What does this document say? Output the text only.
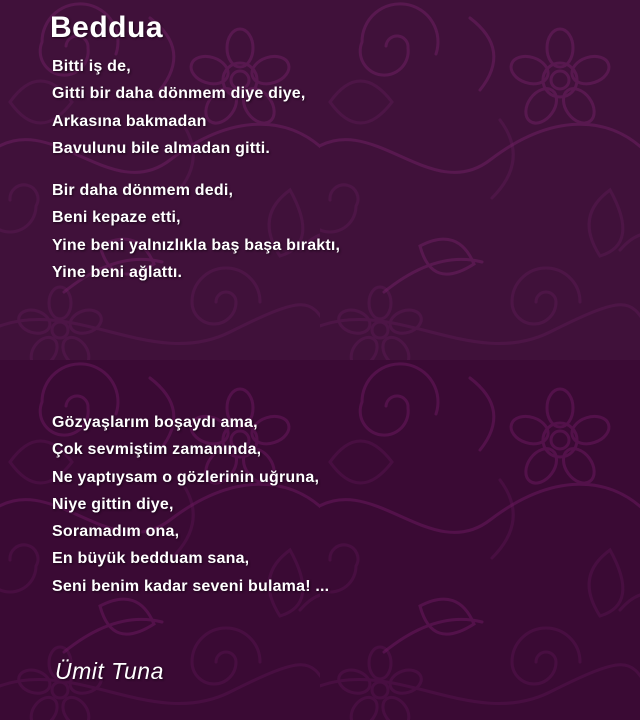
Beddua
Bitti iş de,
Gitti bir daha dönmem diye diye,
Arkasına bakmadan
Bavulunu bile almadan gitti.
Bir daha dönmem dedi,
Beni kepaze etti,
Yine beni yalnızlıkla baş başa bıraktı,
Yine beni ağlattı.
Gözyaşlarım boşaydı ama,
Çok sevmiştim zamanında,
Ne yaptıysam o gözlerinin uğruna,
Niye gittin diye,
Soramadım ona,
En büyük bedduam sana,
Seni benim kadar seveni bulama! ...
Ümit Tuna
